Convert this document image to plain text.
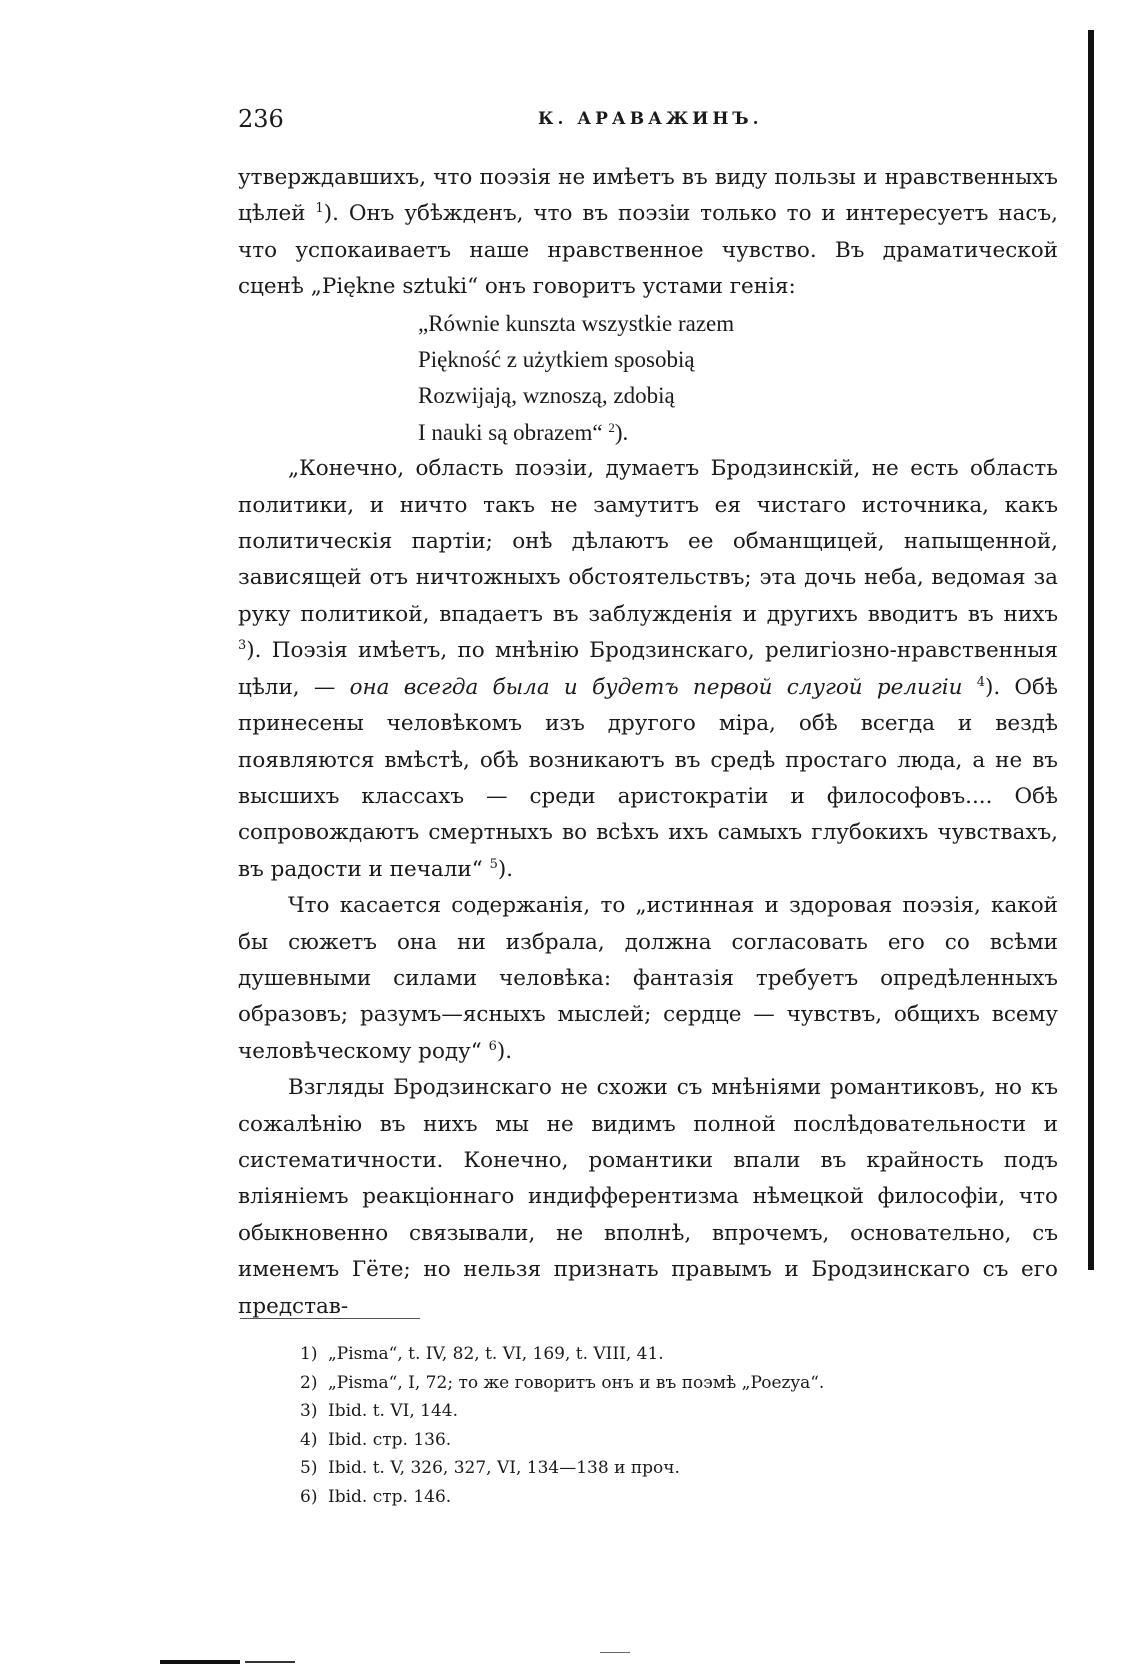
236	К. АРАВАЖИНЪ.

утверждавшихъ, что поэзія не имѣетъ въ виду пользы и нравственныхъ цѣлей $^1$). Онъ убѣжденъ, что въ поэзіи только то и интересуетъ насъ, что успокаиваетъ наше нравственное чувство. Въ драматической сценѣ „Piękne sztuki“ онъ говоритъ устами генія:

„Równie kunszta wszystkie razem
Piękność z użytkiem sposobią
Rozwijają, wznoszą, zdobią
I nauki są obrazem“ $^2$).

„Конечно, область поэзіи, думаетъ Бродзинскій, не есть область политики, и ничто такъ не замутитъ ея чистаго источника, какъ политическія партіи; онѣ дѣлаютъ ее обманщицей, напыщенной, зависящей отъ ничтожныхъ обстоятельствъ; эта дочь неба, ведомая за руку политикой, впадаетъ въ заблужденія и другихъ вводитъ въ нихъ $^3$). Поэзія имѣетъ, по мнѣнію Бродзинскаго, религіозно-нравственныя цѣли, — она всегда была и будетъ первой слугой религіи $^4$). Обѣ принесены человѣкомъ изъ другого міра, обѣ всегда и вездѣ появляются вмѣстѣ, обѣ возникаютъ въ средѣ простаго люда, а не въ высшихъ классахъ — среди аристократіи и философовъ.... Обѣ сопровождаютъ смертныхъ во всѣхъ ихъ самыхъ глубокихъ чувствахъ, въ радости и печали“ $^5$).

Что касается содержанія, то „истинная и здоровая поэзія, какой бы сюжетъ она ни избрала, должна согласовать его со всѣми душевными силами человѣка: фантазія требуетъ опредѣленныхъ образовъ; разумъ—ясныхъ мыслей; сердце — чувствъ, общихъ всему человѣческому роду“ $^6$).

Взгляды Бродзинскаго не схожи съ мнѣніями романтиковъ, но къ сожалѣнію въ нихъ мы не видимъ полной послѣдовательности и систематичности. Конечно, романтики впали въ крайность подъ вліяніемъ реакціоннаго индифферентизма нѣмецкой философіи, что обыкновенно связывали, не вполнѣ, впрочемъ, основательно, съ именемъ Гёте; но нельзя признать правымъ и Бродзинскаго съ его представ-

1) „Pisma“, t. IV, 82, t. VI, 169, t. VIII, 41.
2) „Pisma“, I, 72; то же говоритъ онъ и въ поэмѣ „Poezya“.
3) Ibid. t. VI, 144.
4) Ibid. стр. 136.
5) Ibid. t. V, 326, 327, VI, 134—138 и проч.
6) Ibid. стр. 146.
